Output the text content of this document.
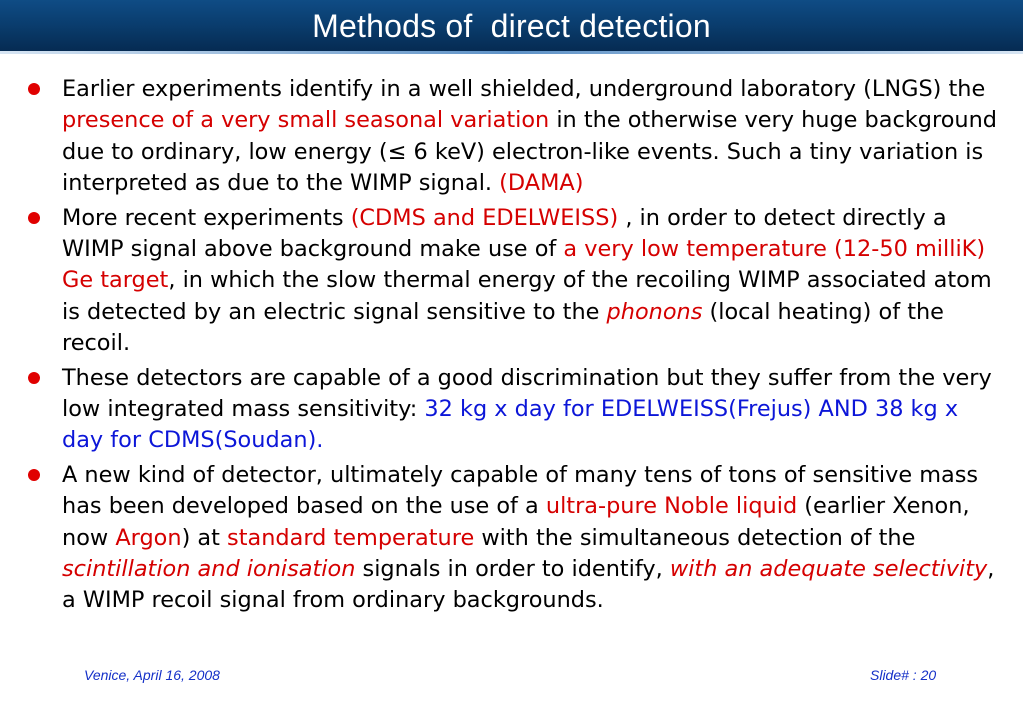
Methods of  direct detection
Earlier experiments identify in a well shielded, underground laboratory (LNGS) the presence of a very small seasonal variation in the otherwise very huge background due to ordinary, low energy (≤ 6 keV) electron-like events. Such a tiny variation is interpreted as due to the WIMP signal. (DAMA)
More recent experiments (CDMS and EDELWEISS) , in order to detect directly a WIMP signal above background make use of a very low temperature (12-50 milliK) Ge target, in which the slow thermal energy of the recoiling WIMP associated atom is detected by an electric signal sensitive to the phonons (local heating) of the recoil.
These detectors are capable of a good discrimination but they suffer from the very low integrated mass sensitivity: 32 kg x day for EDELWEISS(Frejus) AND 38 kg x day for CDMS(Soudan).
A new kind of detector, ultimately capable of many tens of tons of sensitive mass has been developed based on the use of a ultra-pure Noble liquid (earlier Xenon, now Argon) at standard temperature with the simultaneous detection of the scintillation and ionisation signals in order to identify, with an adequate selectivity, a WIMP recoil signal from ordinary backgrounds.
Venice, April 16, 2008	Slide# : 20
